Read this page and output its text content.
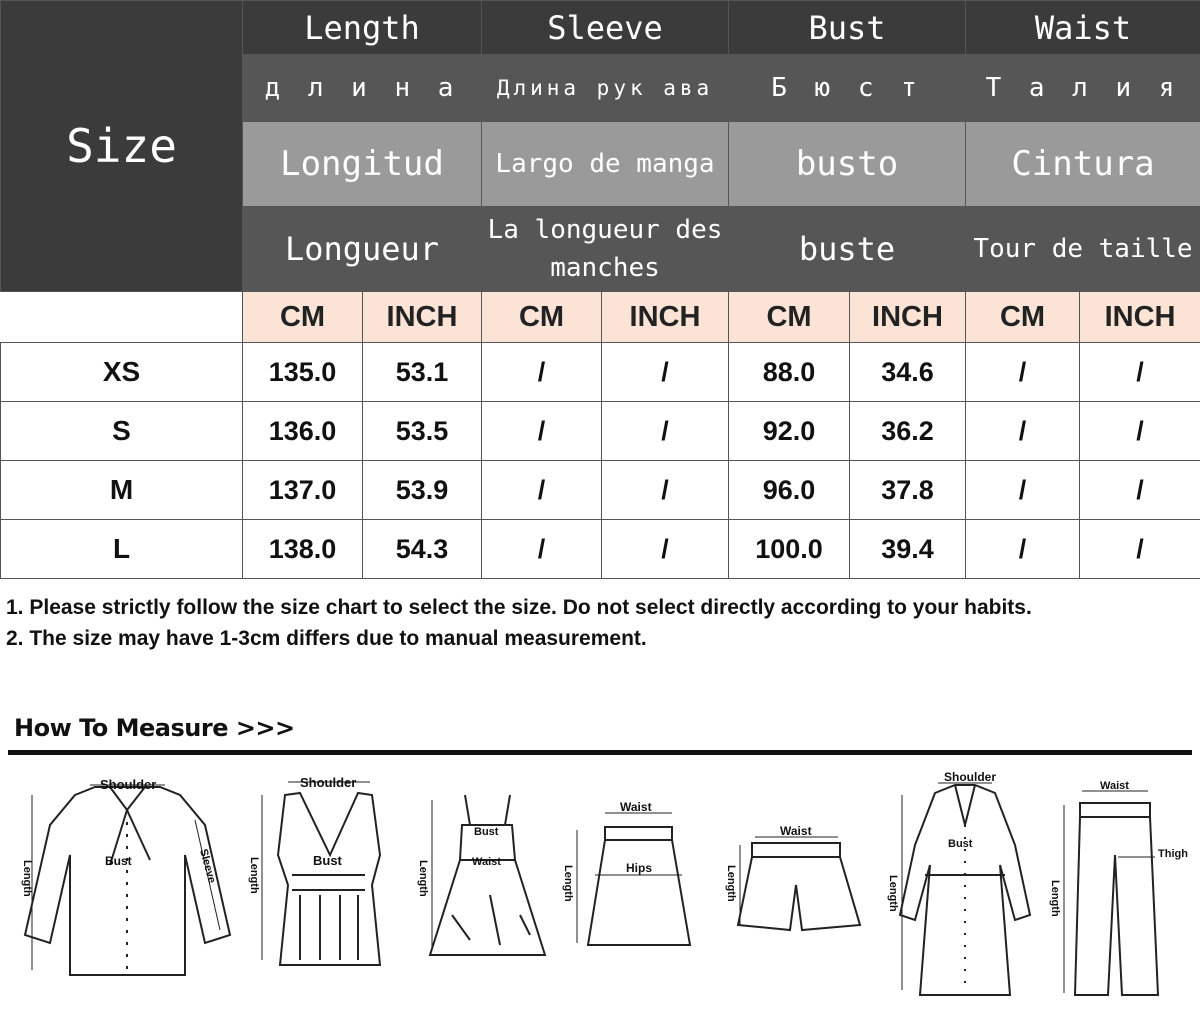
Size	Length		Sleeve		Bust		Waist	
	д л и н а		Длина рук ава		Б ю с т		Т а л и я	
	Longitud		Largo de manga		busto		Cintura	
	Longueur		La longueur des manches		buste		Tour de taille	
	CM	INCH	CM	INCH	CM	INCH	CM	INCH
XS	135.0	53.1	/	/	88.0	34.6	/	/
S	136.0	53.5	/	/	92.0	36.2	/	/
M	137.0	53.9	/	/	96.0	37.8	/	/
L	138.0	54.3	/	/	100.0	39.4	/	/

1. Please strictly follow the size chart to select the size. Do not select directly according to your habits.

2. The size may have 1-3cm differs due to manual measurement.

How To Measure >>>
Shoulder
Bust
Length	Sleeve
Shoulder
Bust
Length
Bust
Waist
Length
Waist
Hips
Length
Waist
Length
Shoulder
Bust
Length
Waist
Thigh
Length
